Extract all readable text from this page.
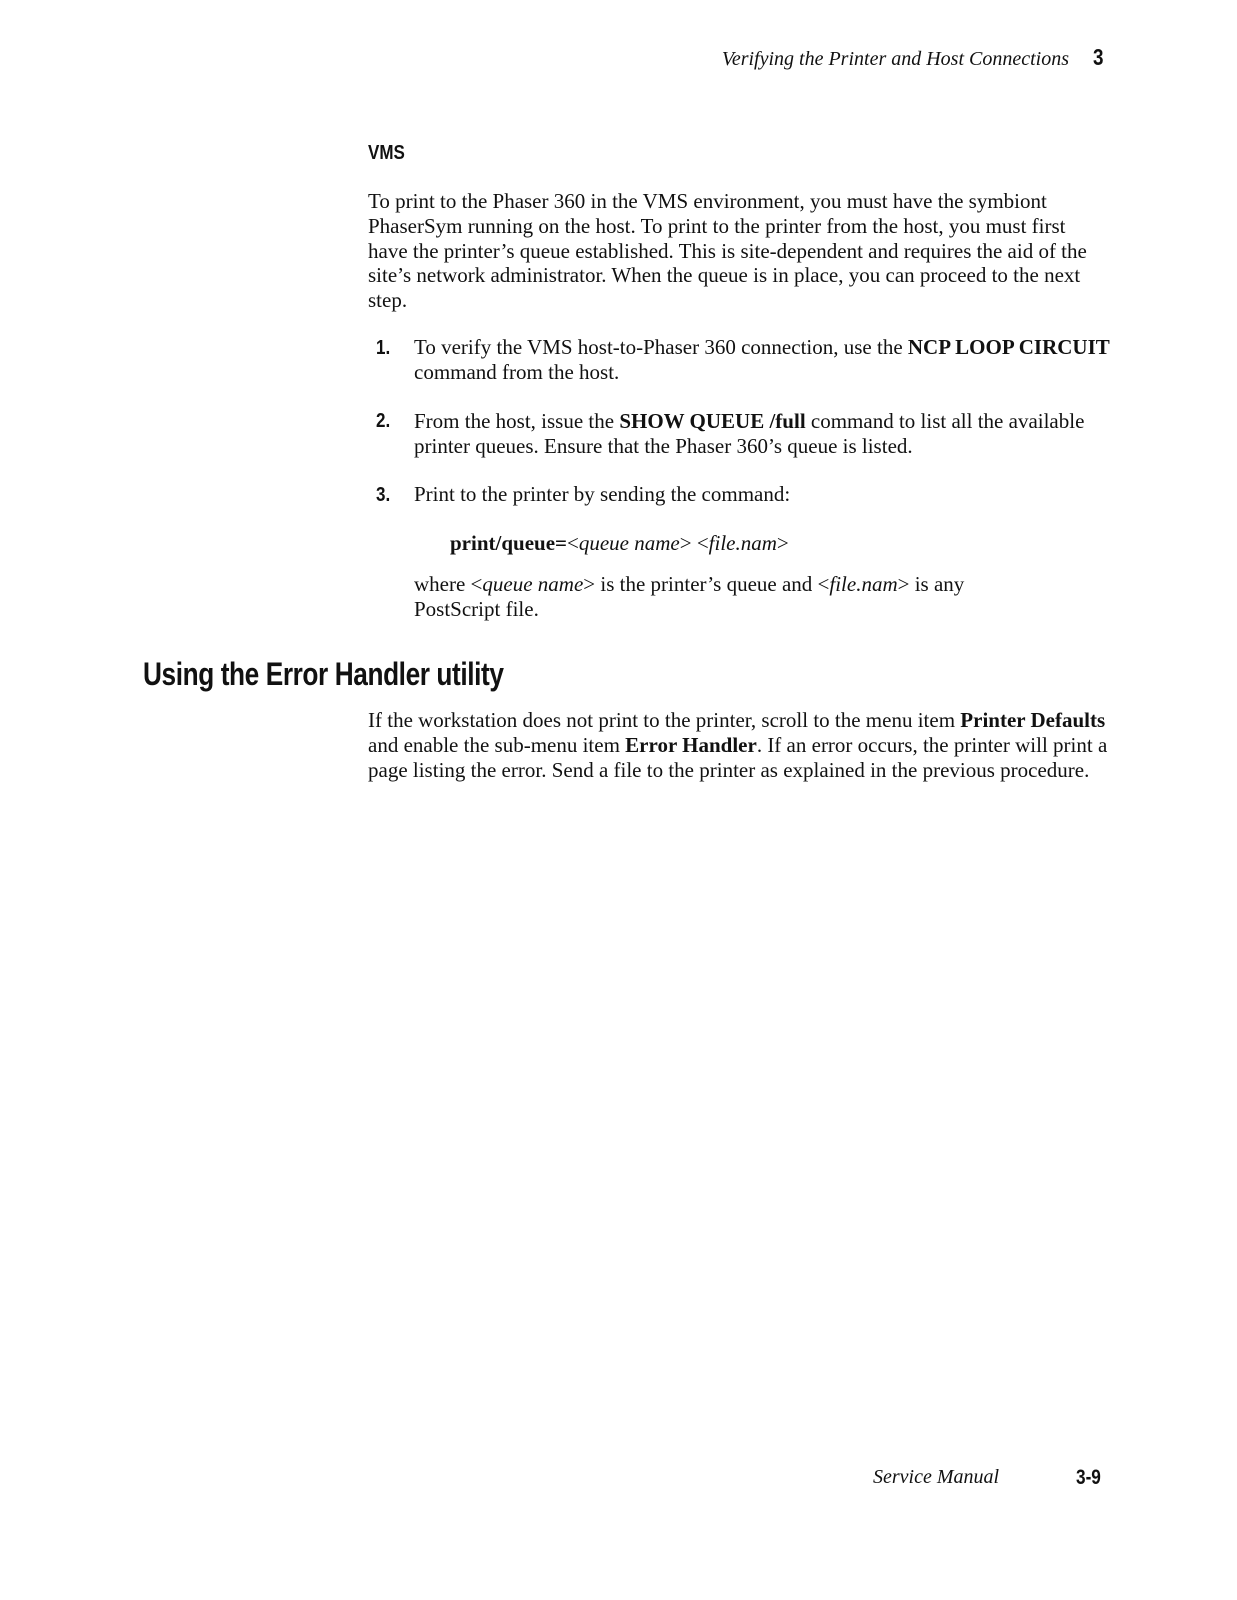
Verifying the Printer and Host Connections 3
VMS

To print to the Phaser 360 in the VMS environment, you must have the symbiont PhaserSym running on the host. To print to the printer from the host, you must first have the printer’s queue established. This is site-dependent and requires the aid of the site’s network administrator. When the queue is in place, you can proceed to the next step.

1. To verify the VMS host-to-Phaser 360 connection, use the NCP LOOP CIRCUIT command from the host.

2. From the host, issue the SHOW QUEUE /full command to list all the available printer queues. Ensure that the Phaser 360’s queue is listed.

3. Print to the printer by sending the command:

print/queue=<queue name> <file.nam>

where <queue name> is the printer’s queue and <file.nam> is any PostScript file.

Using the Error Handler utility

If the workstation does not print to the printer, scroll to the menu item Printer Defaults and enable the sub-menu item Error Handler. If an error occurs, the printer will print a page listing the error. Send a file to the printer as explained in the previous procedure.

Service Manual	3-9
